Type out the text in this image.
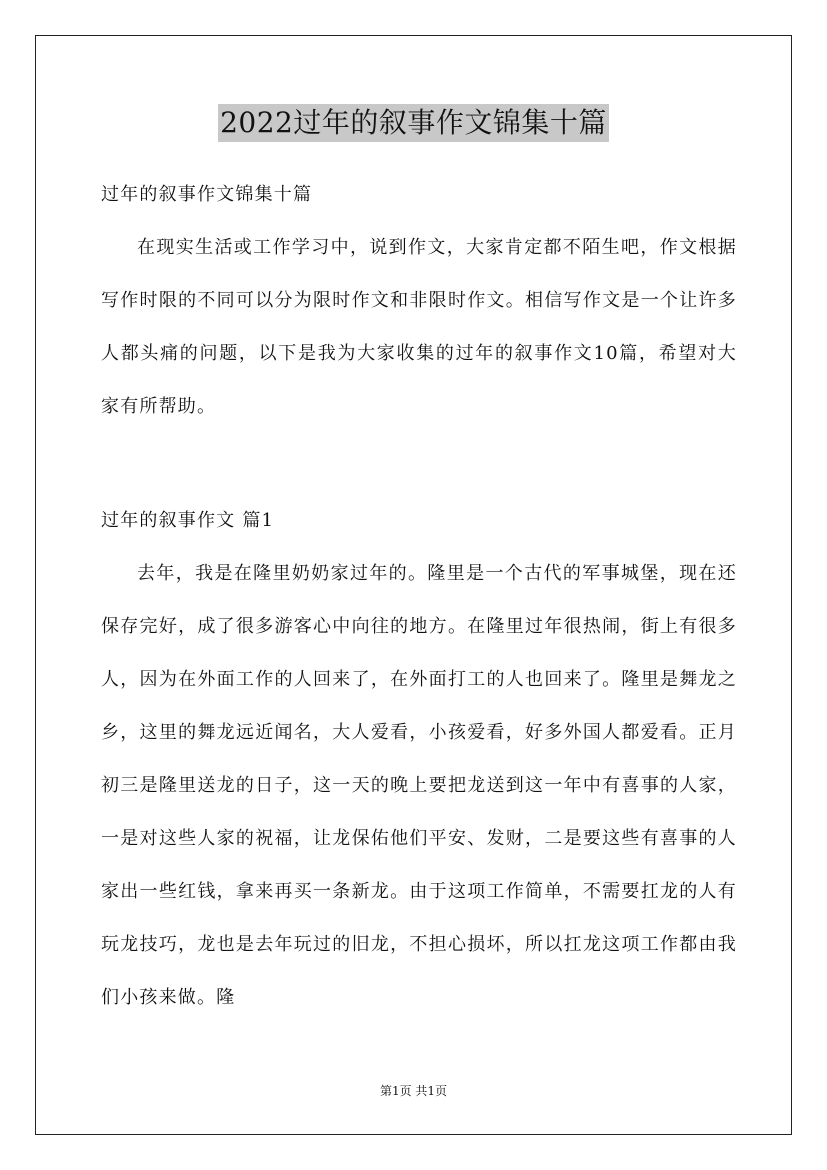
2022过年的叙事作文锦集十篇
过年的叙事作文锦集十篇

在现实生活或工作学习中，说到作文，大家肯定都不陌生吧，作文根据写作时限的不同可以分为限时作文和非限时作文。相信写作文是一个让许多人都头痛的问题，以下是我为大家收集的过年的叙事作文10篇，希望对大家有所帮助。

过年的叙事作文 篇1

去年，我是在隆里奶奶家过年的。隆里是一个古代的军事城堡，现在还保存完好，成了很多游客心中向往的地方。在隆里过年很热闹，街上有很多人，因为在外面工作的人回来了，在外面打工的人也回来了。隆里是舞龙之乡，这里的舞龙远近闻名，大人爱看，小孩爱看，好多外国人都爱看。正月初三是隆里送龙的日子，这一天的晚上要把龙送到这一年中有喜事的人家，一是对这些人家的祝福，让龙保佑他们平安、发财，二是要这些有喜事的人家出一些红钱，拿来再买一条新龙。由于这项工作简单，不需要扛龙的人有玩龙技巧，龙也是去年玩过的旧龙，不担心损坏，所以扛龙这项工作都由我们小孩来做。隆

第1页 共1页
